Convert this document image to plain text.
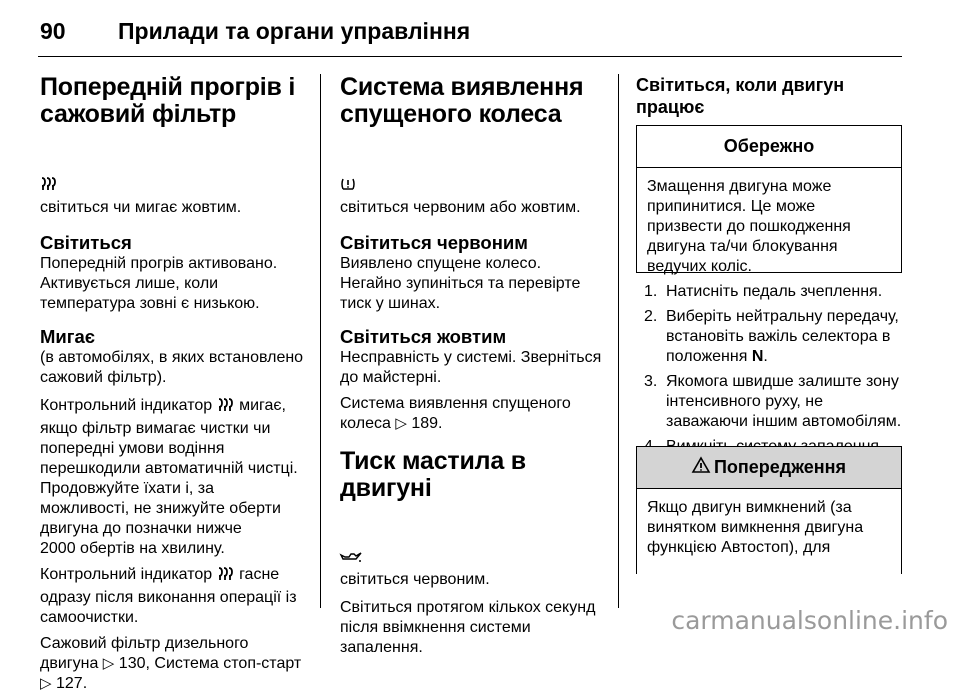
90	Прилади та органи управління
Попередній прогрів і сажовий фільтр

світиться чи мигає жовтим.

Світиться

Попередній прогрів активовано.
Активується лише, коли
температура зовні є низькою.

Мигає

(в автомобілях, в яких встановлено
сажовий фільтр).

Контрольний індикатор  мигає,
якщо фільтр вимагає чистки чи
попередні умови водіння
перешкодили автоматичній чистці.
Продовжуйте їхати і, за
можливості, не знижуйте оберти
двигуна до позначки нижче
2000 обертів на хвилину.

Контрольний індикатор  гасне
одразу після виконання операції із
самоочистки.

Сажовий фільтр дизельного
двигуна ▷ 130, Система стоп-старт
▷ 127.

Система виявлення спущеного колеса

світиться червоним або жовтим.

Світиться червоним

Виявлено спущене колесо.
Негайно зупиніться та перевірте
тиск у шинах.

Світиться жовтим

Несправність у системі. Зверніться
до майстерні.

Система виявлення спущеного
колеса ▷ 189.

Тиск мастила в двигуні

світиться червоним.

Світиться протягом кількох секунд
після ввімкнення системи
запалення.

Світиться, коли двигун працює
Обережно
Змащення двигуна може
припинитися. Це може
призвести до пошкодження
двигуна та/чи блокування
ведучих коліс.
1. Натисніть педаль зчеплення.
2. Виберіть нейтральну передачу,
встановіть важіль селектора в
положення N.
3. Якомога швидше залиште зону
інтенсивного руху, не
заважаючи іншим автомобілям.
Попередження
Якщо двигун вимкнений (за
винятком вимкнення двигуна
функцією Автостоп), для
carmanualsonline.info
